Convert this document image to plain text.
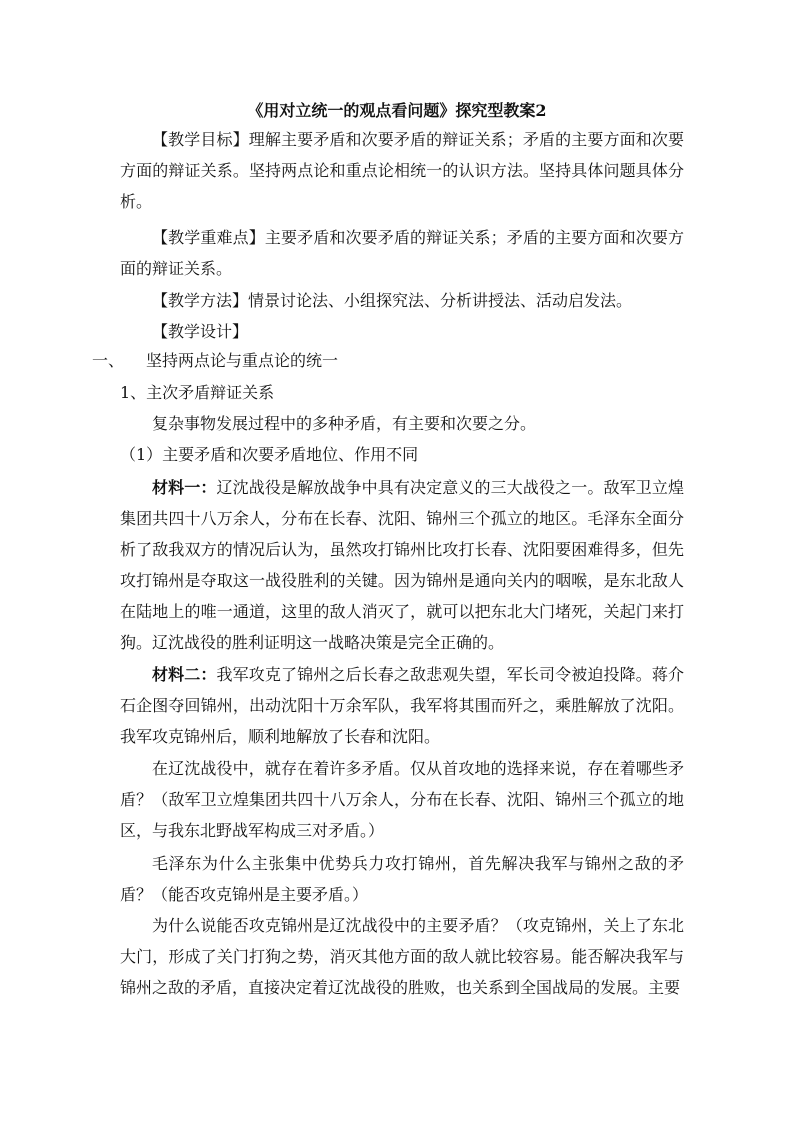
《用对立统一的观点看问题》探究型教案2

【教学目标】理解主要矛盾和次要矛盾的辩证关系；矛盾的主要方面和次要方面的辩证关系。坚持两点论和重点论相统一的认识方法。坚持具体问题具体分析。

【教学重难点】主要矛盾和次要矛盾的辩证关系；矛盾的主要方面和次要方面的辩证关系。

【教学方法】情景讨论法、小组探究法、分析讲授法、活动启发法。

【教学设计】

一、 坚持两点论与重点论的统一

1、主次矛盾辩证关系

复杂事物发展过程中的多种矛盾，有主要和次要之分。

（1）主要矛盾和次要矛盾地位、作用不同

材料一：辽沈战役是解放战争中具有决定意义的三大战役之一。敌军卫立煌集团共四十八万余人，分布在长春、沈阳、锦州三个孤立的地区。毛泽东全面分析了敌我双方的情况后认为，虽然攻打锦州比攻打长春、沈阳要困难得多，但先攻打锦州是夺取这一战役胜利的关键。因为锦州是通向关内的咽喉，是东北敌人在陆地上的唯一通道，这里的敌人消灭了，就可以把东北大门堵死，关起门来打狗。辽沈战役的胜利证明这一战略决策是完全正确的。

材料二：我军攻克了锦州之后长春之敌悲观失望，军长司令被迫投降。蒋介石企图夺回锦州，出动沈阳十万余军队，我军将其围而歼之，乘胜解放了沈阳。我军攻克锦州后，顺利地解放了长春和沈阳。

在辽沈战役中，就存在着许多矛盾。仅从首攻地的选择来说，存在着哪些矛盾？（敌军卫立煌集团共四十八万余人，分布在长春、沈阳、锦州三个孤立的地区，与我东北野战军构成三对矛盾。）

毛泽东为什么主张集中优势兵力攻打锦州，首先解决我军与锦州之敌的矛盾？（能否攻克锦州是主要矛盾。）

为什么说能否攻克锦州是辽沈战役中的主要矛盾？（攻克锦州，关上了东北大门，形成了关门打狗之势，消灭其他方面的敌人就比较容易。能否解决我军与锦州之敌的矛盾，直接决定着辽沈战役的胜败，也关系到全国战局的发展。主要
